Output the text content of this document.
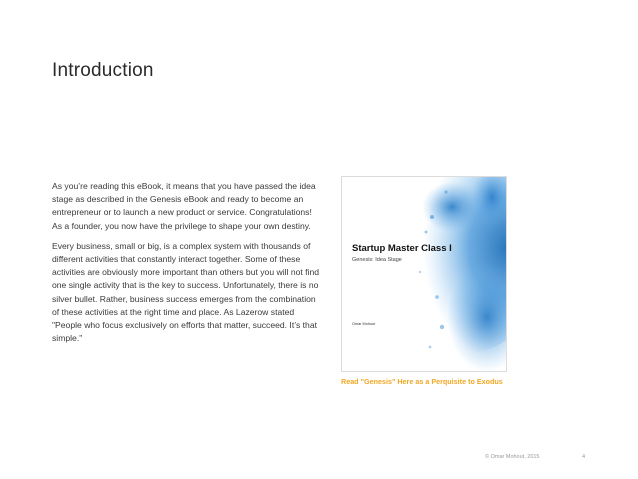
Introduction

As you’re reading this eBook, it means that you have passed the idea stage as described in the Genesis eBook and ready to become an entrepreneur or to launch a new product or service. Congratulations! As a founder, you now have the privilege to shape your own destiny.

Every business, small or big, is a complex system with thousands of different activities that constantly interact together. Some of these activities are obviously more important than others but you will not find one single activity that is the key to success. Unfortunately, there is no silver bullet. Rather, business success emerges from the combination of these activities at the right time and place. As Lazerow stated "People who focus exclusively on efforts that matter, succeed. It’s that simple."

Startup Master Class I
Genesis: Idea Stage
Omar Mohout
Read "Genesis" Here as a Perquisite to Exodus
© Omar Mohout, 2015	4
